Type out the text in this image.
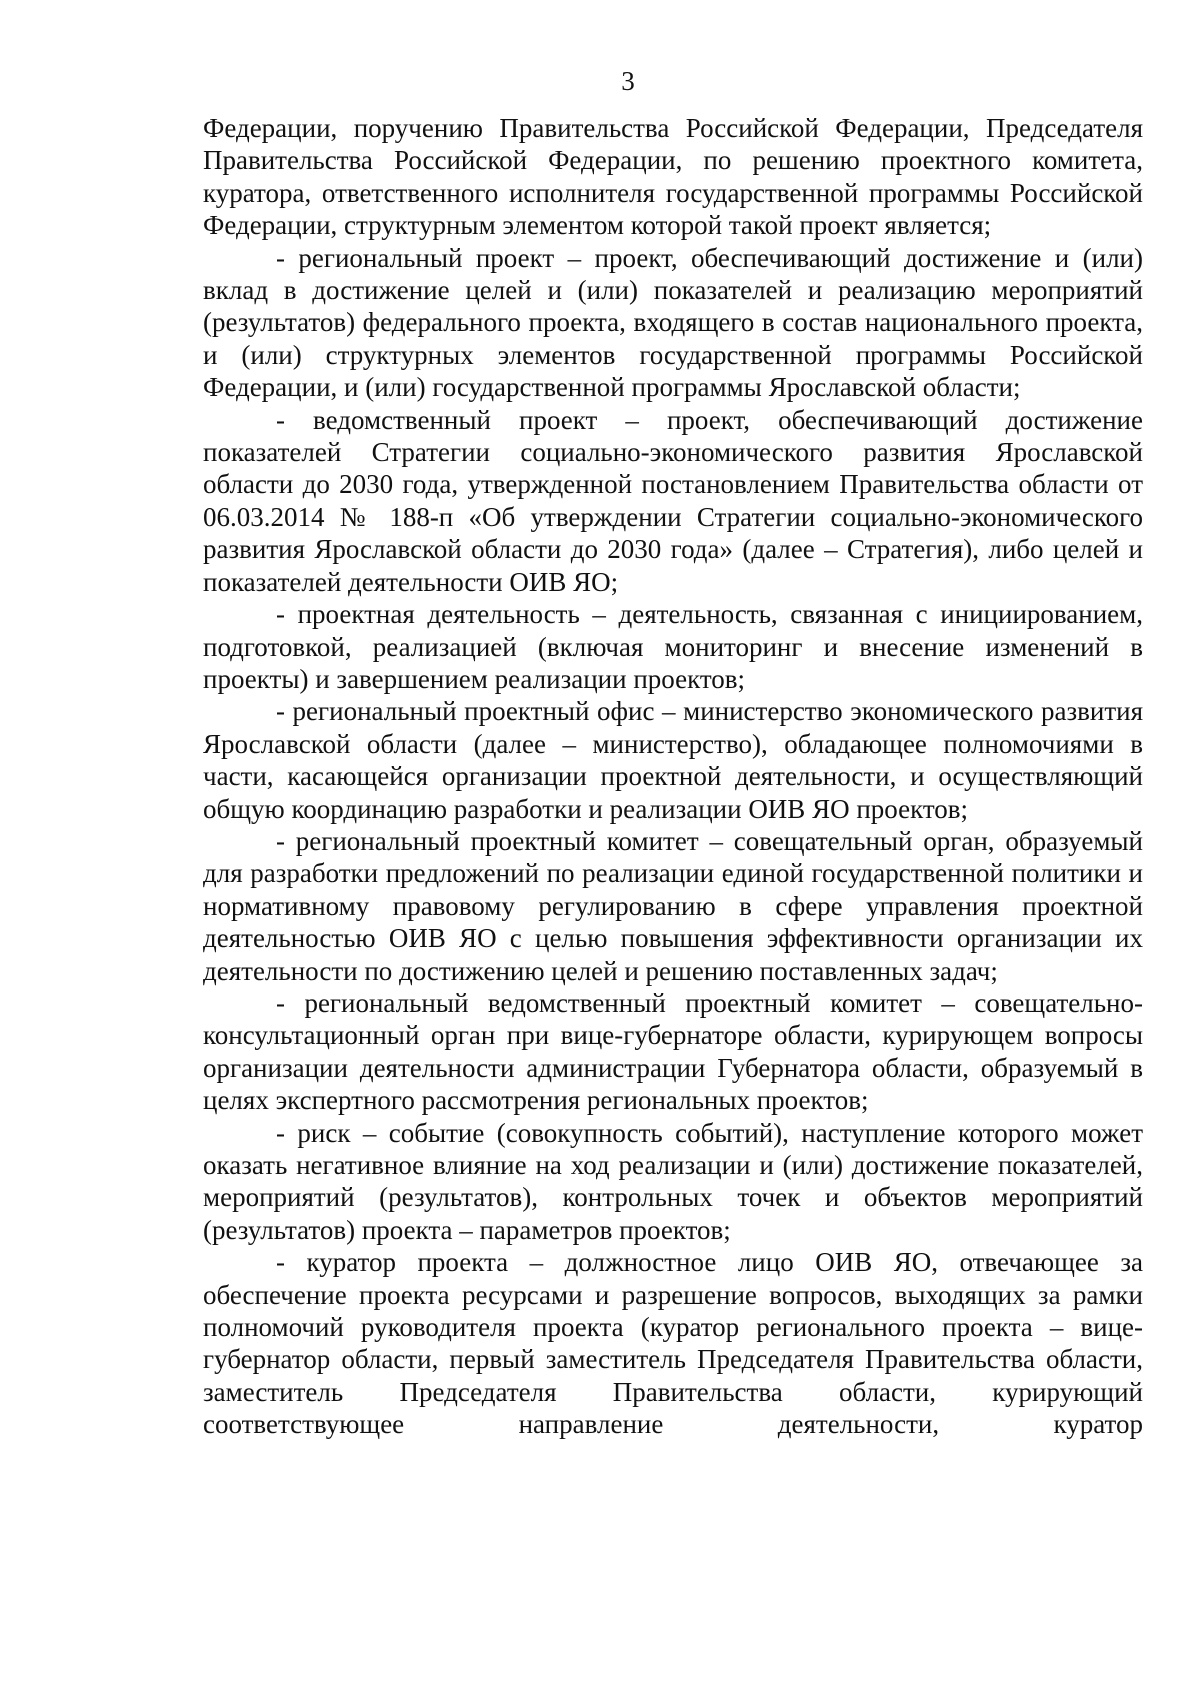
3

Федерации, поручению Правительства Российской Федерации, Председателя Правительства Российской Федерации, по решению проектного комитета, куратора, ответственного исполнителя государственной программы Российской Федерации, структурным элементом которой такой проект является;

- региональный проект – проект, обеспечивающий достижение и (или) вклад в достижение целей и (или) показателей и реализацию мероприятий (результатов) федерального проекта, входящего в состав национального проекта, и (или) структурных элементов государственной программы Российской Федерации, и (или) государственной программы Ярославской области;

- ведомственный проект – проект, обеспечивающий достижение показателей Стратегии социально-экономического развития Ярославской области до 2030 года, утвержденной постановлением Правительства области от 06.03.2014 № 188-п «Об утверждении Стратегии социально-экономического развития Ярославской области до 2030 года» (далее – Стратегия), либо целей и показателей деятельности ОИВ ЯО;

- проектная деятельность – деятельность, связанная с инициированием, подготовкой, реализацией (включая мониторинг и внесение изменений в проекты) и завершением реализации проектов;

- региональный проектный офис – министерство экономического развития Ярославской области (далее – министерство), обладающее полномочиями в части, касающейся организации проектной деятельности, и осуществляющий общую координацию разработки и реализации ОИВ ЯО проектов;

- региональный проектный комитет – совещательный орган, образуемый для разработки предложений по реализации единой государственной политики и нормативному правовому регулированию в сфере управления проектной деятельностью ОИВ ЯО с целью повышения эффективности организации их деятельности по достижению целей и решению поставленных задач;

- региональный ведомственный проектный комитет – совещательно-консультационный орган при вице-губернаторе области, курирующем вопросы организации деятельности администрации Губернатора области, образуемый в целях экспертного рассмотрения региональных проектов;

- риск – событие (совокупность событий), наступление которого может оказать негативное влияние на ход реализации и (или) достижение показателей, мероприятий (результатов), контрольных точек и объектов мероприятий (результатов) проекта – параметров проектов;

- куратор проекта – должностное лицо ОИВ ЯО, отвечающее за обеспечение проекта ресурсами и разрешение вопросов, выходящих за рамки полномочий руководителя проекта (куратор регионального проекта – вице-губернатор области, первый заместитель Председателя Правительства области, заместитель Председателя Правительства области, курирующий соответствующее направление деятельности, куратор
